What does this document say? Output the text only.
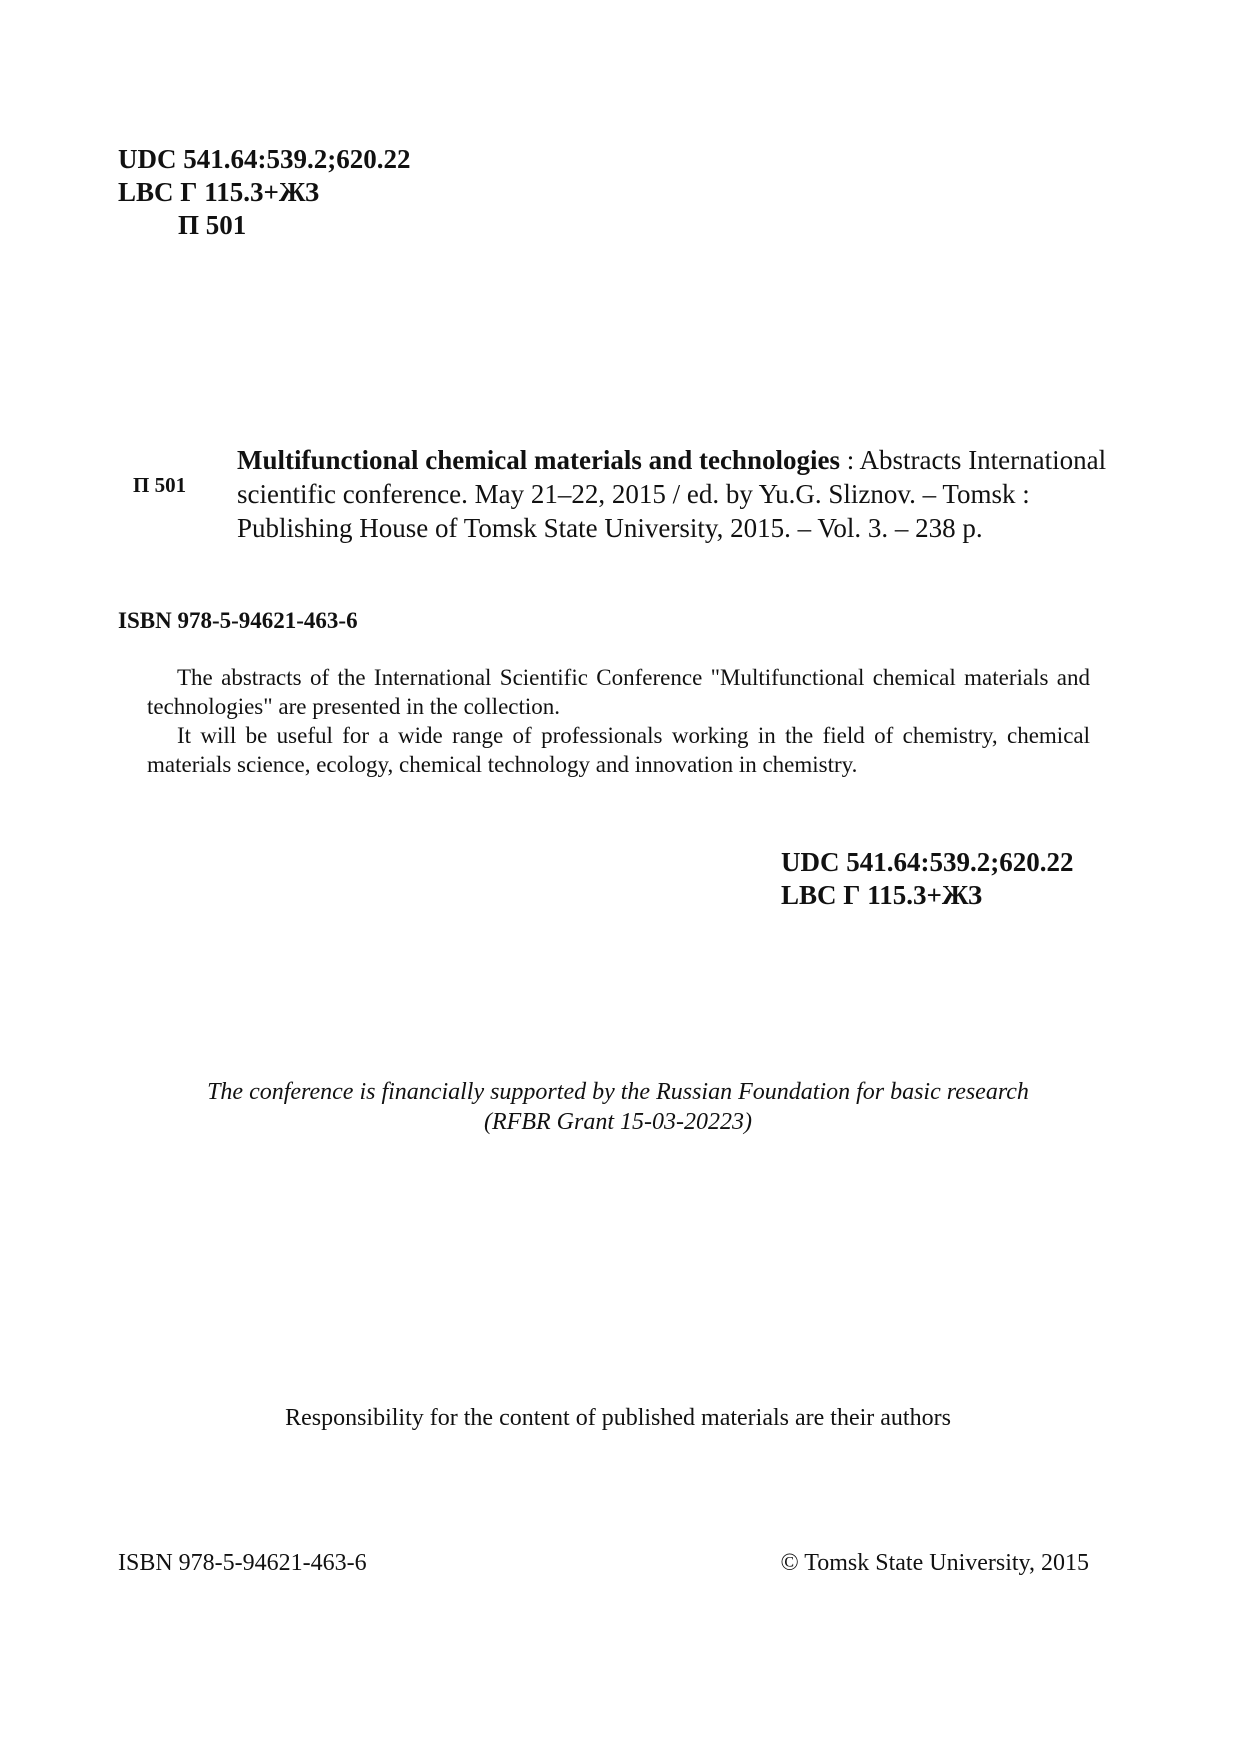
UDC 541.64:539.2;620.22
LBC Г 115.3+ЖЗ
П 501
П 501
Multifunctional chemical materials and technologies : Abstracts International scientific conference. May 21–22, 2015 / ed. by Yu.G. Sliznov. – Tomsk : Publishing House of Tomsk State University, 2015. – Vol. 3. – 238 p.
ISBN 978-5-94621-463-6

The abstracts of the International Scientific Conference "Multifunctional chemical materials and technologies" are presented in the collection.

It will be useful for a wide range of professionals working in the field of chemistry, chemical materials science, ecology, chemical technology and innovation in chemistry.

UDC 541.64:539.2;620.22
LBC Г 115.3+ЖЗ
The conference is financially supported by the Russian Foundation for basic research
(RFBR Grant 15-03-20223)
Responsibility for the content of published materials are their authors
ISBN 978-5-94621-463-6	© Tomsk State University, 2015
